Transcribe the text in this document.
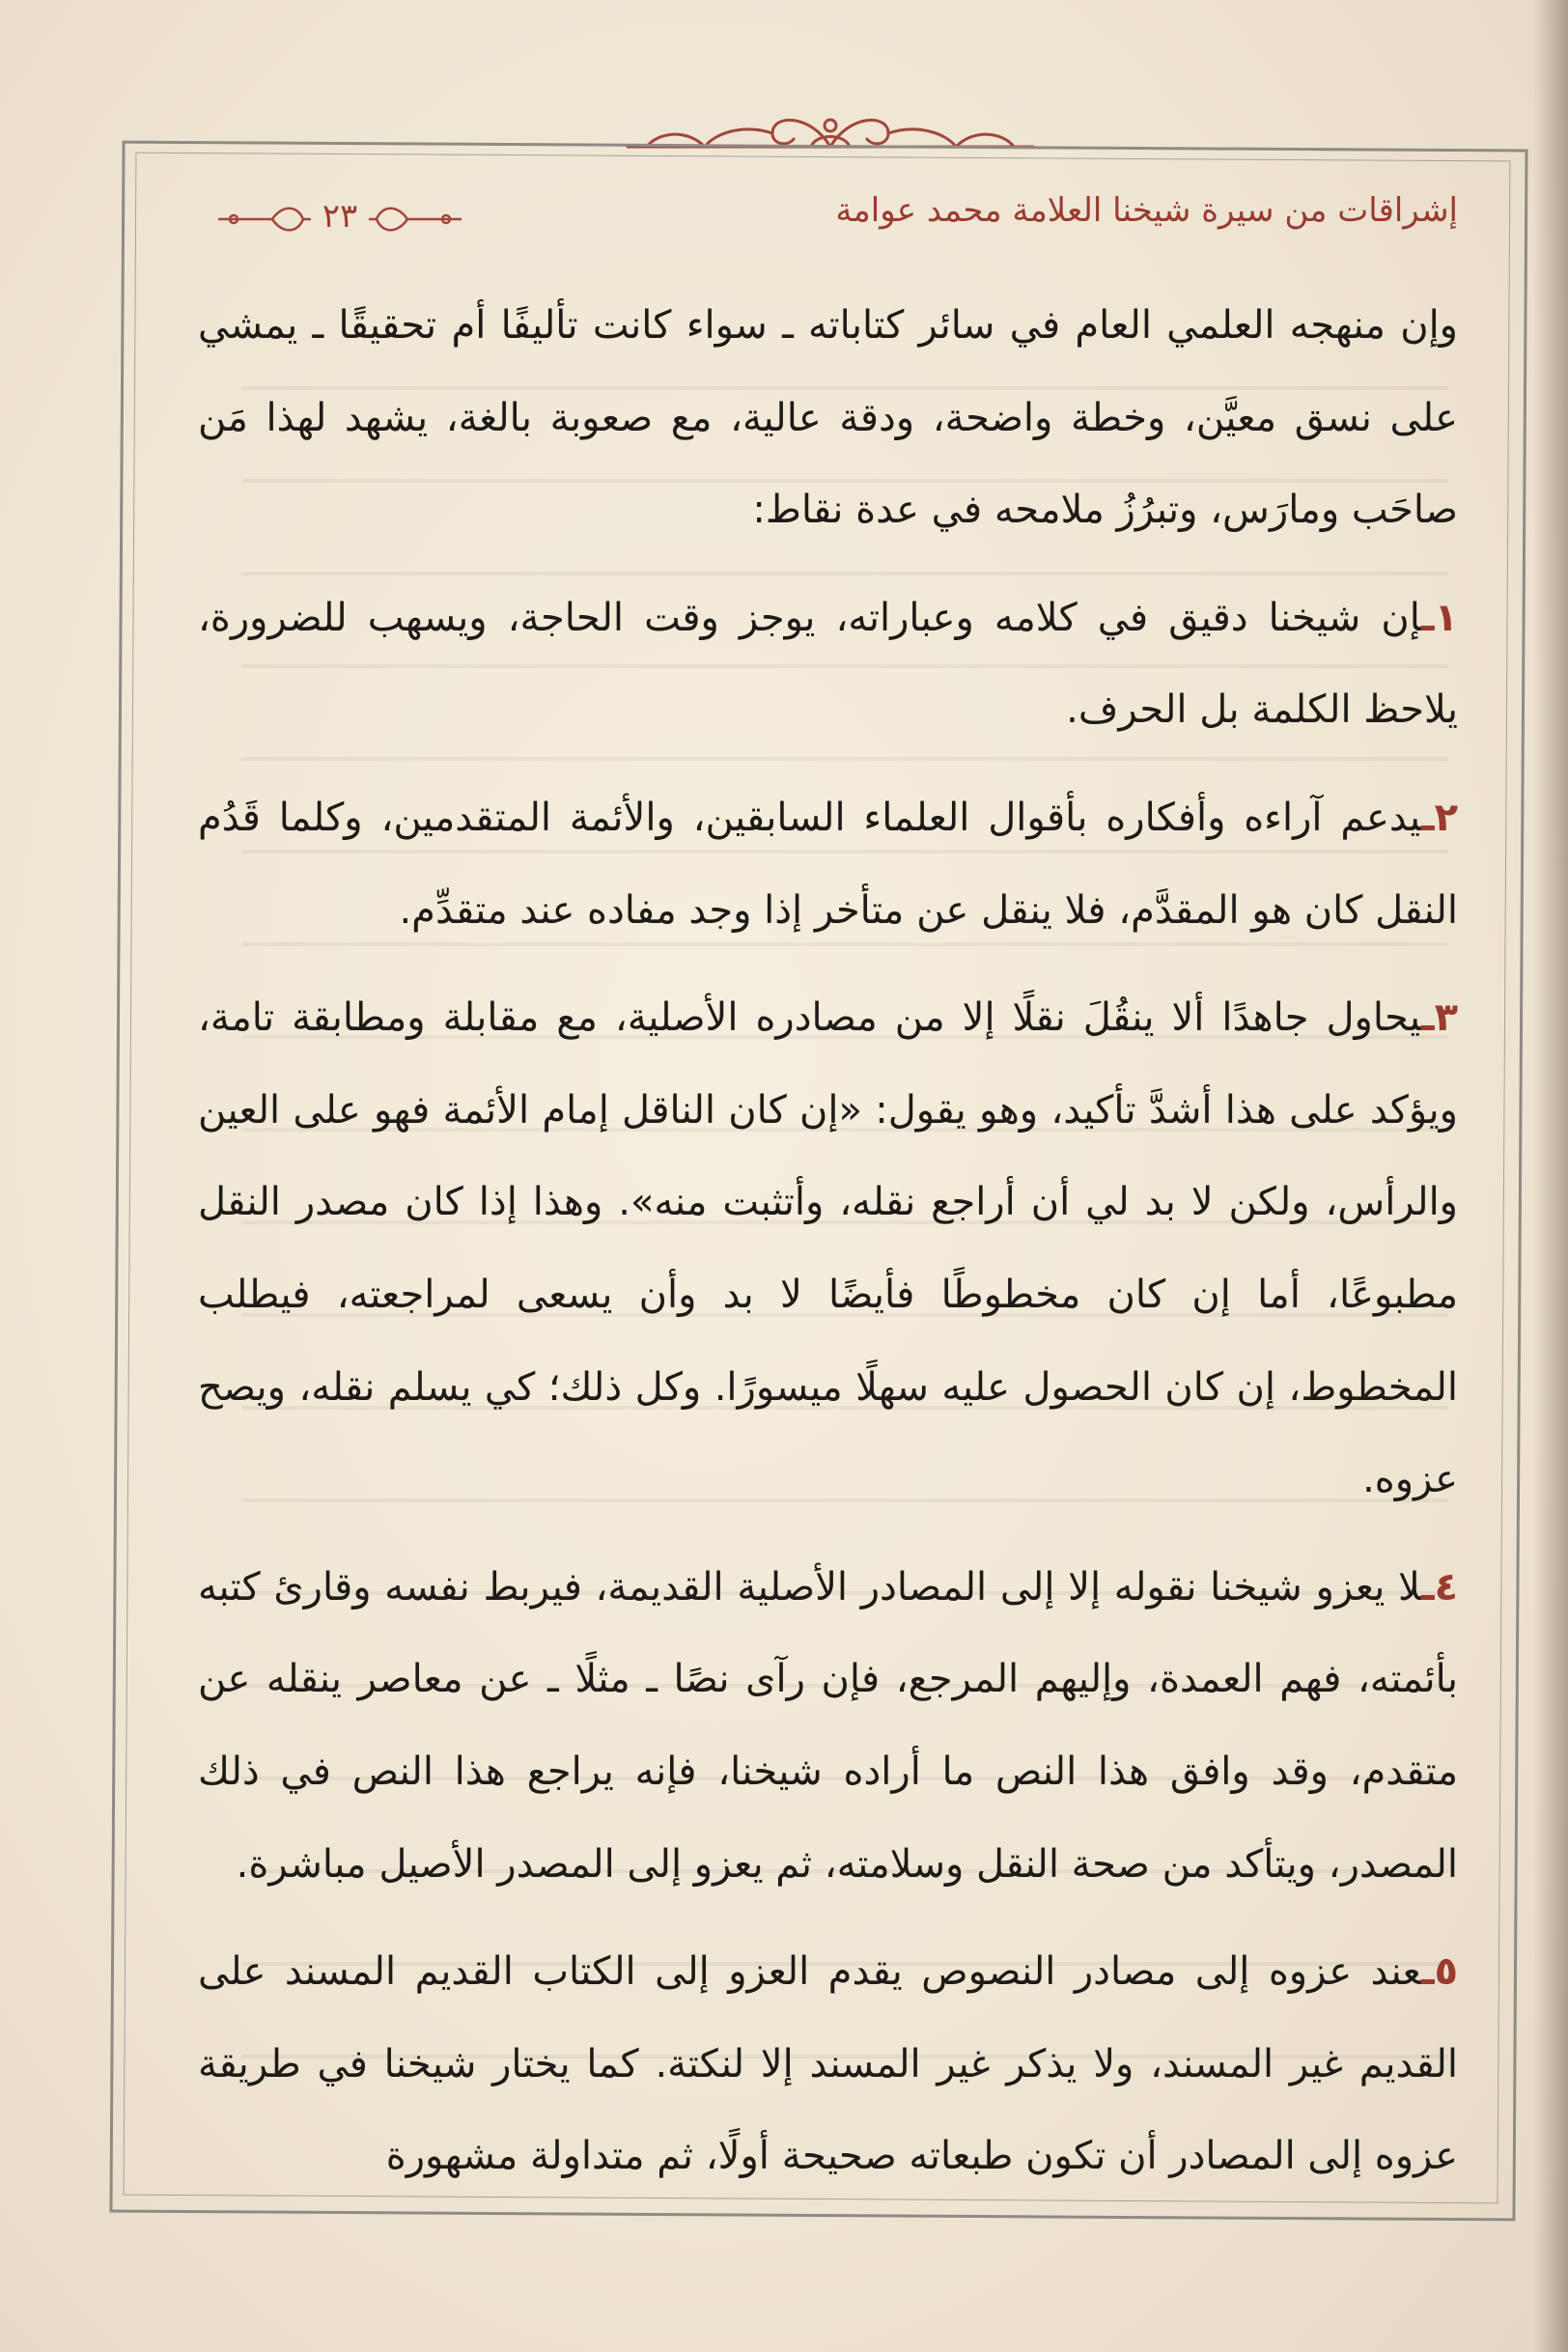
إشراقات من سيرة شيخنا العلامة محمد عوامة
٢٣

وإن منهجه العلمي العام في سائر كتاباته ـ سواء كانت تأليفًا أم تحقيقًا ـ يمشي على نسق معيَّن، وخطة واضحة، ودقة عالية، مع صعوبة بالغة، يشهد لهذا مَن صاحَب ومارَس، وتبرُزُ ملامحه في عدة نقاط:

١ـإن شيخنا دقيق في كلامه وعباراته، يوجز وقت الحاجة، ويسهب للضرورة، يلاحظ الكلمة بل الحرف.

٢ـيدعم آراءه وأفكاره بأقوال العلماء السابقين، والأئمة المتقدمين، وكلما قَدُم النقل كان هو المقدَّم، فلا ينقل عن متأخر إذا وجد مفاده عند متقدِّم.

٣ـيحاول جاهدًا ألا ينقُلَ نقلًا إلا من مصادره الأصلية، مع مقابلة ومطابقة تامة، ويؤكد على هذا أشدَّ تأكيد، وهو يقول: «إن كان الناقل إمام الأئمة فهو على العين والرأس، ولكن لا بد لي أن أراجع نقله، وأتثبت منه». وهذا إذا كان مصدر النقل مطبوعًا، أما إن كان مخطوطًا فأيضًا لا بد وأن يسعى لمراجعته، فيطلب المخطوط، إن كان الحصول عليه سهلًا ميسورًا. وكل ذلك؛ كي يسلم نقله، ويصح عزوه.

٤ـلا يعزو شيخنا نقوله إلا إلى المصادر الأصلية القديمة، فيربط نفسه وقارئ كتبه بأئمته، فهم العمدة، وإليهم المرجع، فإن رآى نصًا ـ مثلًا ـ عن معاصر ينقله عن متقدم، وقد وافق هذا النص ما أراده شيخنا، فإنه يراجع هذا النص في ذلك المصدر، ويتأكد من صحة النقل وسلامته، ثم يعزو إلى المصدر الأصيل مباشرة.

٥ـعند عزوه إلى مصادر النصوص يقدم العزو إلى الكتاب القديم المسند على القديم غير المسند، ولا يذكر غير المسند إلا لنكتة. كما يختار شيخنا في طريقة عزوه إلى المصادر أن تكون طبعاته صحيحة أولًا، ثم متداولة مشهورة
